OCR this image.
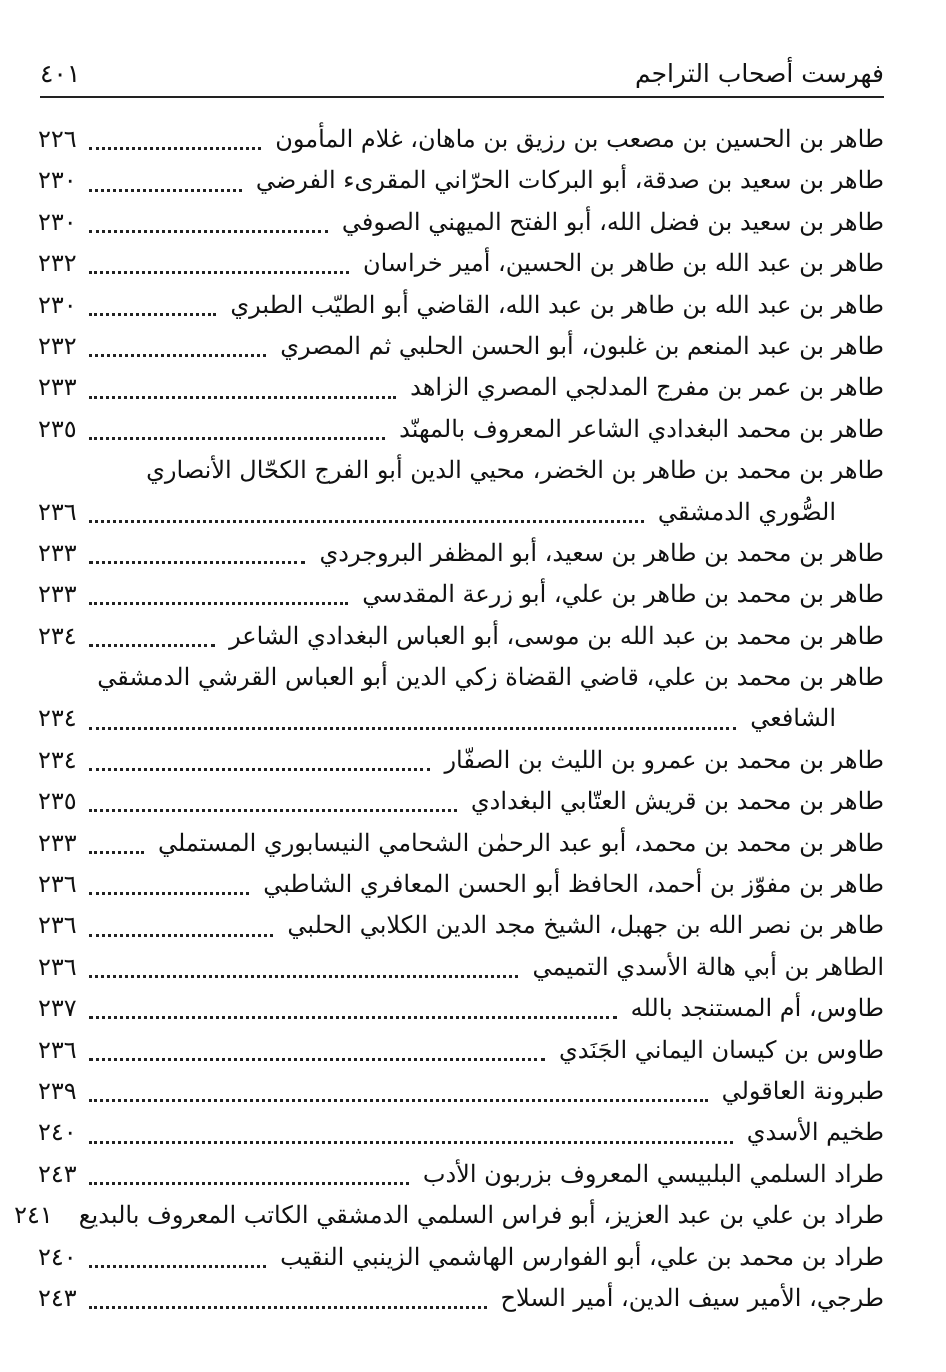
فهرست أصحاب التراجم
٤٠١
طاهر بن الحسين بن مصعب بن رزيق بن ماهان، غلام المأمون
٢٢٦
طاهر بن سعيد بن صدقة، أبو البركات الحرّاني المقرىء الفرضي
٢٣٠
طاهر بن سعيد بن فضل الله، أبو الفتح الميهني الصوفي
٢٣٠
طاهر بن عبد الله بن طاهر بن الحسين، أمير خراسان
٢٣٢
طاهر بن عبد الله بن طاهر بن عبد الله، القاضي أبو الطيّب الطبري
٢٣٠
طاهر بن عبد المنعم بن غلبون، أبو الحسن الحلبي ثم المصري
٢٣٢
طاهر بن عمر بن مفرج المدلجي المصري الزاهد
٢٣٣
طاهر بن محمد البغدادي الشاعر المعروف بالمهنّد
٢٣٥
طاهر بن محمد بن طاهر بن الخضر، محيي الدين أبو الفرج الكحّال الأنصاري
الصُّوري الدمشقي
٢٣٦
طاهر بن محمد بن طاهر بن سعيد، أبو المظفر البروجردي
٢٣٣
طاهر بن محمد بن طاهر بن علي، أبو زرعة المقدسي
٢٣٣
طاهر بن محمد بن عبد الله بن موسى، أبو العباس البغدادي الشاعر
٢٣٤
طاهر بن محمد بن علي، قاضي القضاة زكي الدين أبو العباس القرشي الدمشقي
الشافعي
٢٣٤
طاهر بن محمد بن عمرو بن الليث بن الصفّار
٢٣٤
طاهر بن محمد بن قريش العتّابي البغدادي
٢٣٥
طاهر بن محمد بن محمد، أبو عبد الرحمٰن الشحامي النيسابوري المستملي
٢٣٣
طاهر بن مفوّز بن أحمد، الحافظ أبو الحسن المعافري الشاطبي
٢٣٦
طاهر بن نصر الله بن جهبل، الشيخ مجد الدين الكلابي الحلبي
٢٣٦
الطاهر بن أبي هالة الأسدي التميمي
٢٣٦
طاوس، أم المستنجد بالله
٢٣٧
طاوس بن كيسان اليماني الجَنَدي
٢٣٦
طبرونة العاقولي
٢٣٩
طخيم الأسدي
٢٤٠
طراد السلمي البلبيسي المعروف بزربون الأدب
٢٤٣
طراد بن علي بن عبد العزيز، أبو فراس السلمي الدمشقي الكاتب المعروف بالبديع
٢٤١
طراد بن محمد بن علي، أبو الفوارس الهاشمي الزينبي النقيب
٢٤٠
طرجي، الأمير سيف الدين، أمير السلاح
٢٤٣
